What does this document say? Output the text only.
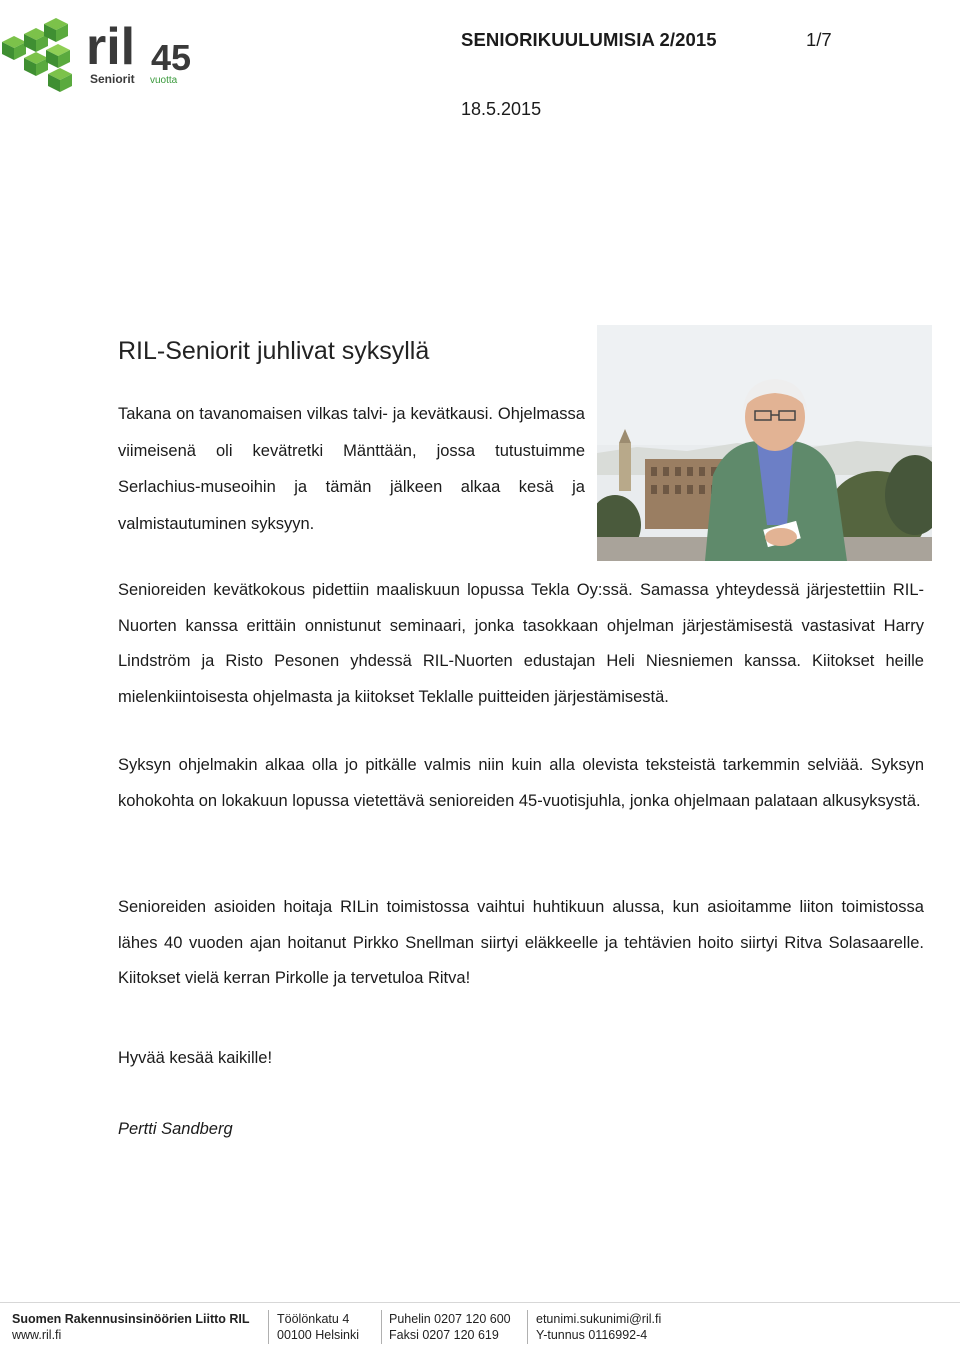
ril 45
Seniorit vuotta
SENIORIKUULUMISIA 2/2015	1/7
18.5.2015
RIL-Seniorit juhlivat syksyllä

Takana on tavanomaisen vilkas talvi- ja kevätkausi. Ohjelmassa viimeisenä oli kevätretki Mänttään, jossa tutustuimme Serlachius-museoihin ja tämän jälkeen alkaa kesä ja valmistautuminen syksyyn.

Senioreiden kevätkokous pidettiin maaliskuun lopussa Tekla Oy:ssä. Samassa yhteydessä järjestettiin RIL-Nuorten kanssa erittäin onnistunut seminaari, jonka tasokkaan ohjelman järjestämisestä vastasivat Harry Lindström ja Risto Pesonen yhdessä RIL-Nuorten edustajan Heli Niesniemen kanssa. Kiitokset heille mielenkiintoisesta ohjelmasta ja kiitokset Teklalle puitteiden järjestämisestä.

Syksyn ohjelmakin alkaa olla jo pitkälle valmis niin kuin alla olevista teksteistä tarkemmin selviää. Syksyn kohokohta on lokakuun lopussa vietettävä senioreiden 45-vuotisjuhla, jonka ohjelmaan palataan alkusyksystä.

Senioreiden asioiden hoitaja RILin toimistossa vaihtui huhtikuun alussa, kun asioitamme liiton toimistossa lähes 40 vuoden ajan hoitanut Pirkko Snellman siirtyi eläkkeelle ja tehtävien hoito siirtyi Ritva Solasaarelle. Kiitokset vielä kerran Pirkolle ja tervetuloa Ritva!

Hyvää kesää kaikille!

Pertti Sandberg

Suomen Rakennusinsinöörien Liitto RIL
www.ril.fi
Töölönkatu 4
00100 Helsinki
Puhelin 0207 120 600
Faksi 0207 120 619
etunimi.sukunimi@ril.fi
Y-tunnus 0116992-4
